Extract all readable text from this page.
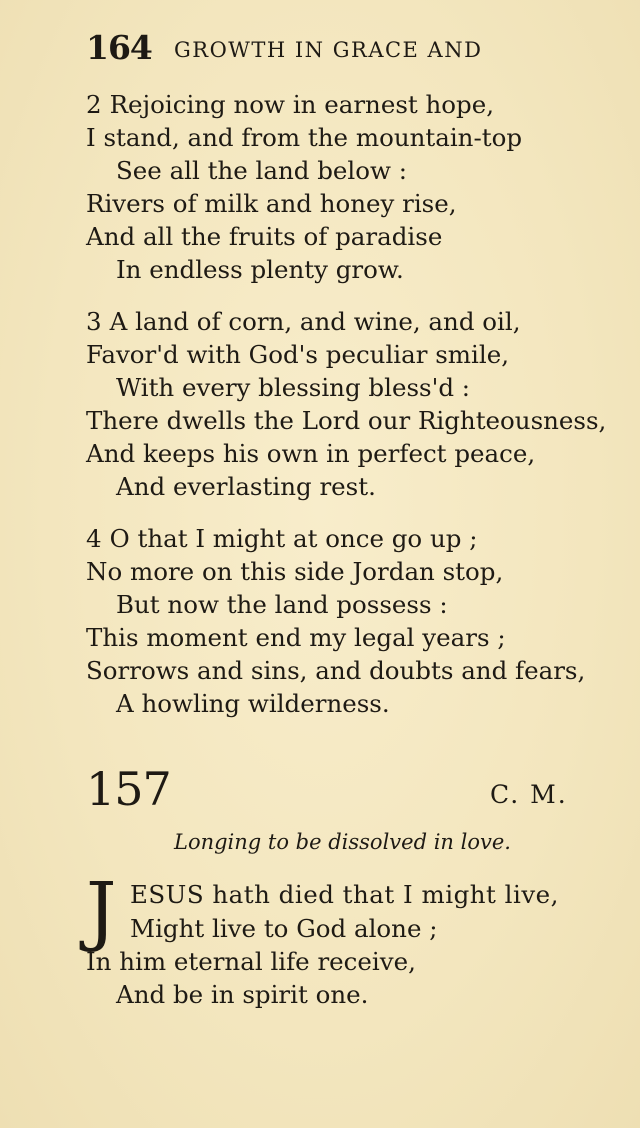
164 GROWTH IN GRACE AND
2 Rejoicing now in earnest hope,
I stand, and from the mountain-top
See all the land below :
Rivers of milk and honey rise,
And all the fruits of paradise
In endless plenty grow.
3 A land of corn, and wine, and oil,
Favor'd with God's peculiar smile,
With every blessing bless'd :
There dwells the Lord our Righteousness,
And keeps his own in perfect peace,
And everlasting rest.
4 O that I might at once go up ;
No more on this side Jordan stop,
But now the land possess :
This moment end my legal years ;
Sorrows and sins, and doubts and fears,
A howling wilderness.
157	C. M.
Longing to be dissolved in love.
J ESUS hath died that I might live,
Might live to God alone ;
In him eternal life receive,
And be in spirit one.
